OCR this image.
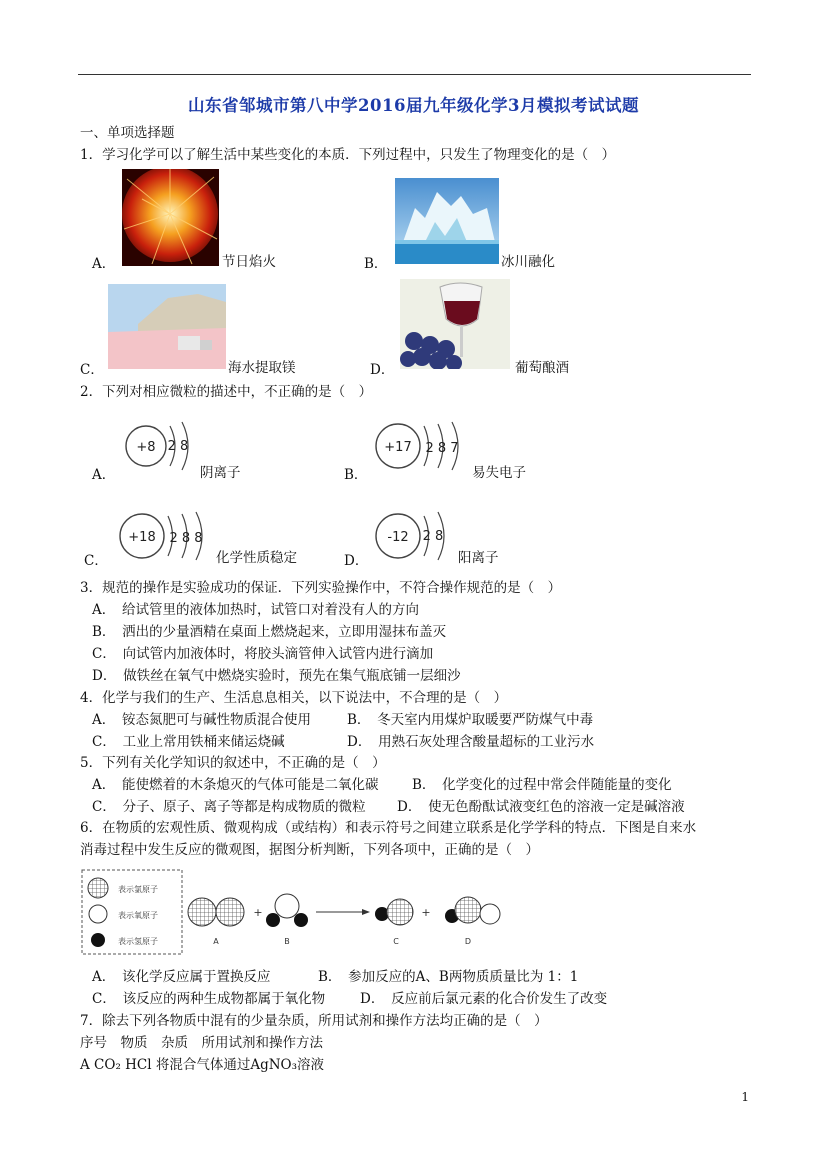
山东省邹城市第八中学2016届九年级化学3月模拟考试试题
一、单项选择题
1．学习化学可以了解生活中某些变化的本质．下列过程中，只发生了物理变化的是（　）
A．	节日焰火	B．	冰川融化
C．	海水提取镁	D．	葡萄酿酒
2．下列对相应微粒的描述中，不正确的是（　）
+8 2 8
A．	阴离子
+17 2 8 7
B．	易失电子
+18 2 8 8
C．	化学性质稳定
-12 2 8
D．	阳离子
3．规范的操作是实验成功的保证．下列实验操作中，不符合操作规范的是（　）
A．　给试管里的液体加热时，试管口对着没有人的方向
B．　洒出的少量酒精在桌面上燃烧起来，立即用湿抹布盖灭
C．　向试管内加液体时，将胶头滴管伸入试管内进行滴加
D．　做铁丝在氧气中燃烧实验时，预先在集气瓶底铺一层细沙
4．化学与我们的生产、生活息息相关，以下说法中，不合理的是（　）
A．　铵态氮肥可与碱性物质混合使用	B．　冬天室内用煤炉取暖要严防煤气中毒
C．　工业上常用铁桶来储运烧碱	D．　用熟石灰处理含酸量超标的工业污水
5．下列有关化学知识的叙述中，不正确的是（　）
A．　能使燃着的木条熄灭的气体可能是二氧化碳 B．　化学变化的过程中常会伴随能量的变化
C．　分子、原子、离子等都是构成物质的微粒 D．　使无色酚酞试液变红色的溶液一定是碱溶液
6．在物质的宏观性质、微观构成（或结构）和表示符号之间建立联系是化学学科的特点．下图是自来水
消毒过程中发生反应的微观图，据图分析判断，下列各项中，正确的是（　）
表示氯原子
表示氧原子
表示氢原子	A
+
B	C
+
D
A．　该化学反应属于置换反应	B．　参加反应的A、B两物质质量比为 1：1
C．　该反应的两种生成物都属于氧化物	D．　反应前后氯元素的化合价发生了改变
7．除去下列各物质中混有的少量杂质，所用试剂和操作方法均正确的是（　）
序号　物质　杂质　所用试剂和操作方法
A CO₂ HCl 将混合气体通过AgNO₃溶液
1
